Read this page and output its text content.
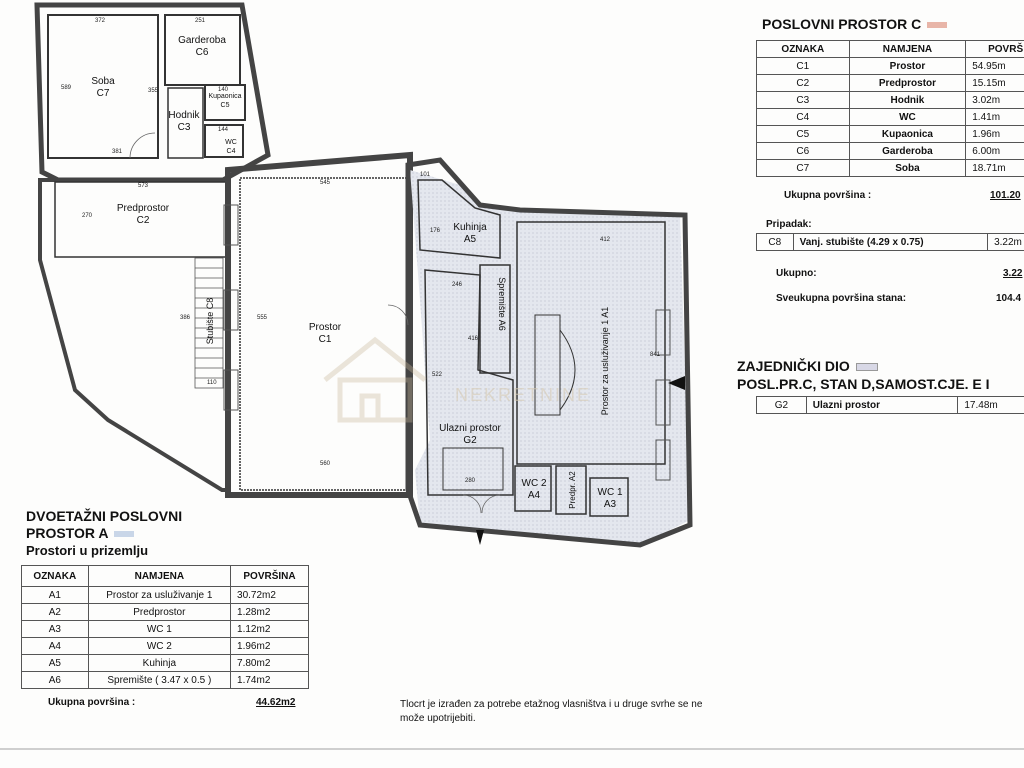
NEKRETNINE
Soba
C7
Garderoba
C6
Kupaonica
C5
Hodnik
C3
WC
C4
Predprostor
C2
Stubište C8
Prostor
C1
Kuhinja
A5
Spremište A6	Prostor za usluživanje 1 A1
Ulazni prostor
G2
WC 2
A4	Predpr. A2
WC 1
A3
372	251
589	355	140
144
381
573
270
386
110
545
555
560
101
176
412
246
416
522
841
280
POSLOVNI PROSTOR C
OZNAKA	NAMJENA	POVRŠ
C1	Prostor	54.95m
C2	Predprostor	15.15m
C3	Hodnik	3.02m
C4	WC	1.41m
C5	Kupaonica	1.96m
C6	Garderoba	6.00m
C7	Soba	18.71m
Ukupna površina :	101.20
Pripadak:
C8	Vanj. stubište (4.29 x 0.75)	3.22m
Ukupno:	3.22
Sveukupna površina stana:	104.4
ZAJEDNIČKI DIO
POSL.PR.C, STAN D,SAMOST.CJE. E I
G2	Ulazni prostor	17.48m
DVOETAŽNI POSLOVNI
PROSTOR A
Prostori u prizemlju
OZNAKA	NAMJENA	POVRŠINA
A1	Prostor za usluživanje 1	30.72m2
A2	Predprostor	1.28m2
A3	WC 1	1.12m2
A4	WC 2	1.96m2
A5	Kuhinja	7.80m2
A6	Spremište ( 3.47 x 0.5 )	1.74m2
Ukupna površina :	44.62m2	Tlocrt je izrađen za potrebe etažnog vlasništva i u druge svrhe se ne
može upotrijebiti.
